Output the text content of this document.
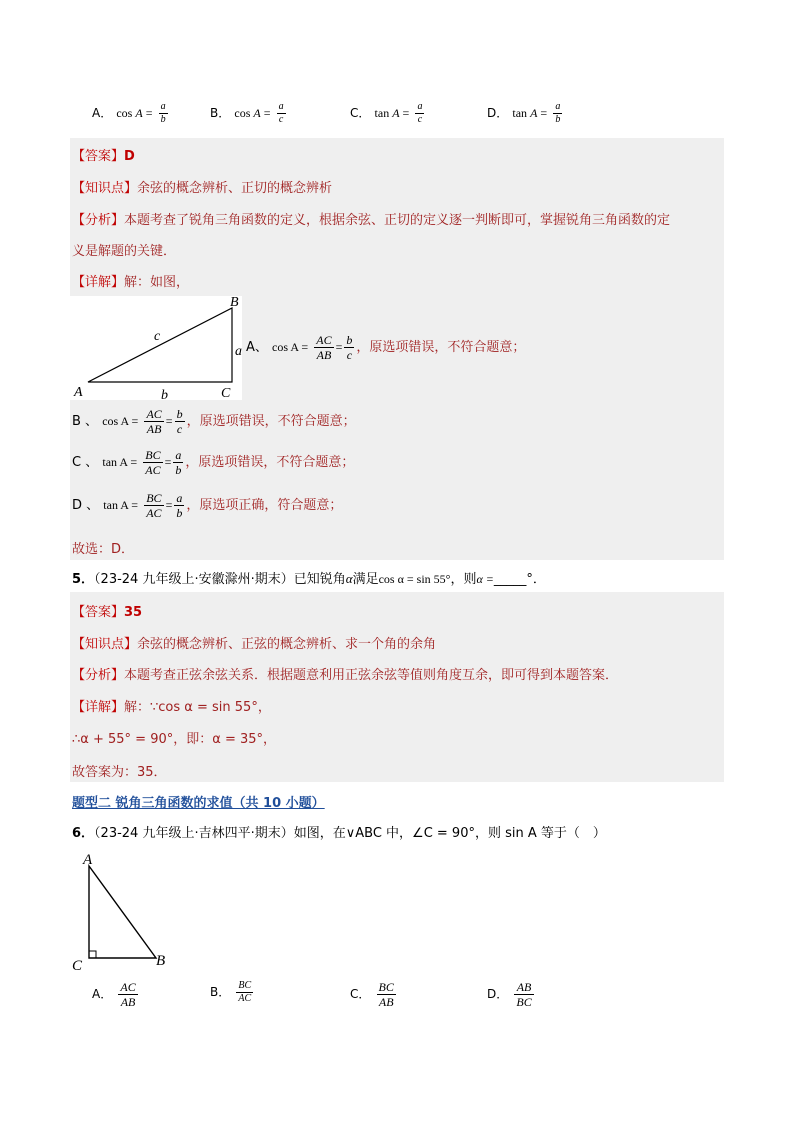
A． $\cos A = \frac{a}{b}$	B． $\cos A = \frac{a}{c}$	C． $\tan A = \frac{a}{c}$	D． $\tan A = \frac{a}{b}$
【答案】D
【知识点】余弦的概念辨析、正切的概念辨析
【分析】本题考查了锐角三角函数的定义，根据余弦、正切的定义逐一判断即可，掌握锐角三角函数的定
义是解题的关键．
【详解】解：如图，
A
B
C
a
b
c
A、 $\cos A = \frac{AC}{AB} = \frac{b}{c}$ ，原选项错误，不符合题意；
B 、 $\cos A = \frac{AC}{AB} = \frac{b}{c}$ ，原选项错误，不符合题意；
C 、 $\tan A = \frac{BC}{AC} = \frac{a}{b}$ ，原选项错误，不符合题意；
D 、 $\tan A = \frac{BC}{AC} = \frac{a}{b}$ ，原选项正确，符合题意；
故选：D．
5．（23-24 九年级上·安徽滁州·期末）已知锐角α满足cos α = sin 55°，则α =_____°．
【答案】35
【知识点】余弦的概念辨析、正弦的概念辨析、求一个角的余角
【分析】本题考查正弦余弦关系．根据题意利用正弦余弦等值则角度互余，即可得到本题答案．
【详解】解：∵cos α = sin 55°，
∴α + 55° = 90°，即：α = 35°，
故答案为：35．
题型二 锐角三角函数的求值（共 10 小题）
6．（23-24 九年级上·吉林四平·期末）如图，在∨ABC 中，∠C = 90°，则 sin A 等于（　）
A
C	B
A． $\frac{AC}{AB}$	B． $\frac{BC}{AC}$	C． $\frac{BC}{AB}$	D． $\frac{AB}{BC}$
